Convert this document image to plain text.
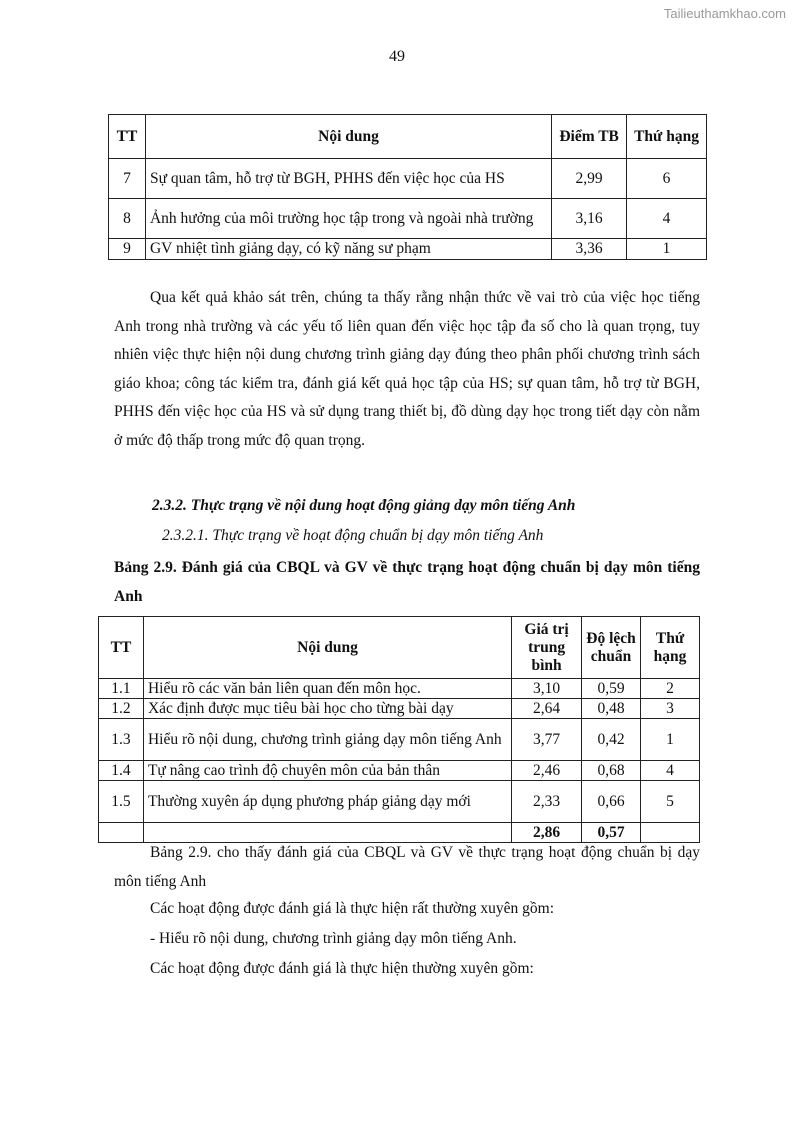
Tailieuthamkhao.com
49
TT	Nội dung	Điểm TB	Thứ hạng
7	Sự quan tâm, hỗ trợ từ BGH, PHHS đến việc học của HS	2,99	6
8	Ảnh hưởng của môi trường học tập trong và ngoài nhà trường	3,16	4
9	GV nhiệt tình giảng dạy, có kỹ năng sư phạm	3,36	1

Qua kết quả khảo sát trên, chúng ta thấy rằng nhận thức về vai trò của việc học tiếng Anh trong nhà trường và các yếu tố liên quan đến việc học tập đa số cho là quan trọng, tuy nhiên việc thực hiện nội dung chương trình giảng dạy đúng theo phân phối chương trình sách giáo khoa; công tác kiểm tra, đánh giá kết quả học tập của HS; sự quan tâm, hỗ trợ từ BGH, PHHS đến việc học của HS và sử dụng trang thiết bị, đồ dùng dạy học trong tiết dạy còn nằm ở mức độ thấp trong mức độ quan trọng.

2.3.2. Thực trạng về nội dung hoạt động giảng dạy môn tiếng Anh

2.3.2.1. Thực trạng về hoạt động chuẩn bị dạy môn tiếng Anh

Bảng 2.9. Đánh giá của CBQL và GV về thực trạng hoạt động chuẩn bị dạy môn tiếng Anh

TT	Nội dung	Giá trị trung bình	Độ lệch chuẩn	Thứ hạng
1.1	Hiểu rõ các văn bản liên quan đến môn học.	3,10	0,59	2
1.2	Xác định được mục tiêu bài học cho từng bài dạy	2,64	0,48	3
1.3	Hiểu rõ nội dung, chương trình giảng dạy môn tiếng Anh	3,77	0,42	1
1.4	Tự nâng cao trình độ chuyên môn của bản thân	2,46	0,68	4
1.5	Thường xuyên áp dụng phương pháp giảng dạy mới	2,33	0,66	5
		2,86	0,57	

Bảng 2.9. cho thấy đánh giá của CBQL và GV về thực trạng hoạt động chuẩn bị dạy môn tiếng Anh

Các hoạt động được đánh giá là thực hiện rất thường xuyên gồm:

- Hiểu rõ nội dung, chương trình giảng dạy môn tiếng Anh.

Các hoạt động được đánh giá là thực hiện thường xuyên gồm:
